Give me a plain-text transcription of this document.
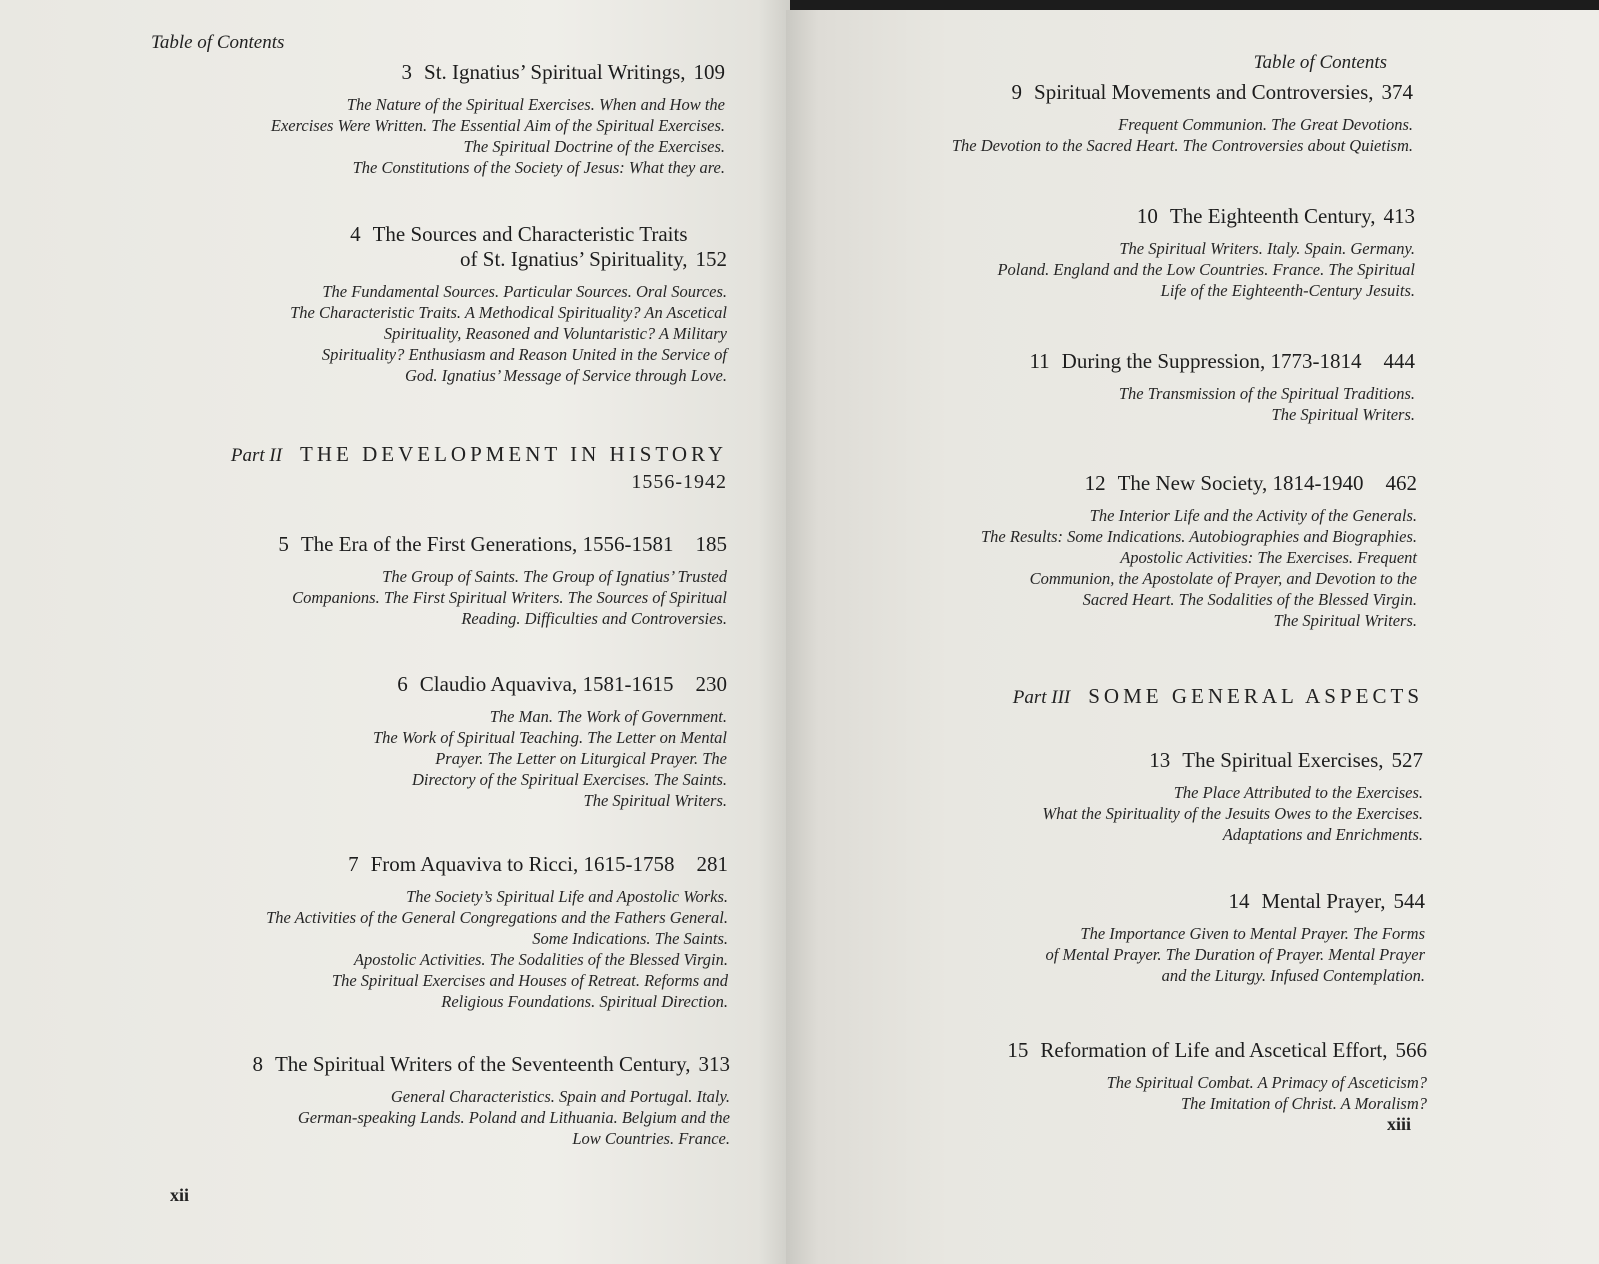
Table of Contents

3 St. Ignatius’ Spiritual Writings, 109

The Nature of the Spiritual Exercises. When and How the
Exercises Were Written. The Essential Aim of the Spiritual Exercises.
The Spiritual Doctrine of the Exercises.
The Constitutions of the Society of Jesus: What they are.

4 The Sources and Characteristic Traits
of St. Ignatius’ Spirituality, 152

The Fundamental Sources. Particular Sources. Oral Sources.
The Characteristic Traits. A Methodical Spirituality? An Ascetical
Spirituality, Reasoned and Voluntaristic? A Military
Spirituality? Enthusiasm and Reason United in the Service of
God. Ignatius’ Message of Service through Love.

Part II THE DEVELOPMENT IN HISTORY
1556-1942

5 The Era of the First Generations, 1556-1581 185

The Group of Saints. The Group of Ignatius’ Trusted
Companions. The First Spiritual Writers. The Sources of Spiritual
Reading. Difficulties and Controversies.

6 Claudio Aquaviva, 1581-1615 230

The Man. The Work of Government.
The Work of Spiritual Teaching. The Letter on Mental
Prayer. The Letter on Liturgical Prayer. The
Directory of the Spiritual Exercises. The Saints.
The Spiritual Writers.

7 From Aquaviva to Ricci, 1615-1758 281

The Society’s Spiritual Life and Apostolic Works.
The Activities of the General Congregations and the Fathers General.
Some Indications. The Saints.
Apostolic Activities. The Sodalities of the Blessed Virgin.
The Spiritual Exercises and Houses of Retreat. Reforms and
Religious Foundations. Spiritual Direction.

8 The Spiritual Writers of the Seventeenth Century, 313

General Characteristics. Spain and Portugal. Italy.
German-speaking Lands. Poland and Lithuania. Belgium and the
Low Countries. France.

xii
Table of Contents

9 Spiritual Movements and Controversies, 374

Frequent Communion. The Great Devotions.
The Devotion to the Sacred Heart. The Controversies about Quietism.

10 The Eighteenth Century, 413

The Spiritual Writers. Italy. Spain. Germany.
Poland. England and the Low Countries. France. The Spiritual
Life of the Eighteenth-Century Jesuits.

11 During the Suppression, 1773-1814 444

The Transmission of the Spiritual Traditions.
The Spiritual Writers.

12 The New Society, 1814-1940 462

The Interior Life and the Activity of the Generals.
The Results: Some Indications. Autobiographies and Biographies.
Apostolic Activities: The Exercises. Frequent
Communion, the Apostolate of Prayer, and Devotion to the
Sacred Heart. The Sodalities of the Blessed Virgin.
The Spiritual Writers.

Part III SOME GENERAL ASPECTS

13 The Spiritual Exercises, 527

The Place Attributed to the Exercises.
What the Spirituality of the Jesuits Owes to the Exercises.
Adaptations and Enrichments.

14 Mental Prayer, 544

The Importance Given to Mental Prayer. The Forms
of Mental Prayer. The Duration of Prayer. Mental Prayer
and the Liturgy. Infused Contemplation.

15 Reformation of Life and Ascetical Effort, 566

The Spiritual Combat. A Primacy of Asceticism?
The Imitation of Christ. A Moralism?

xiii
